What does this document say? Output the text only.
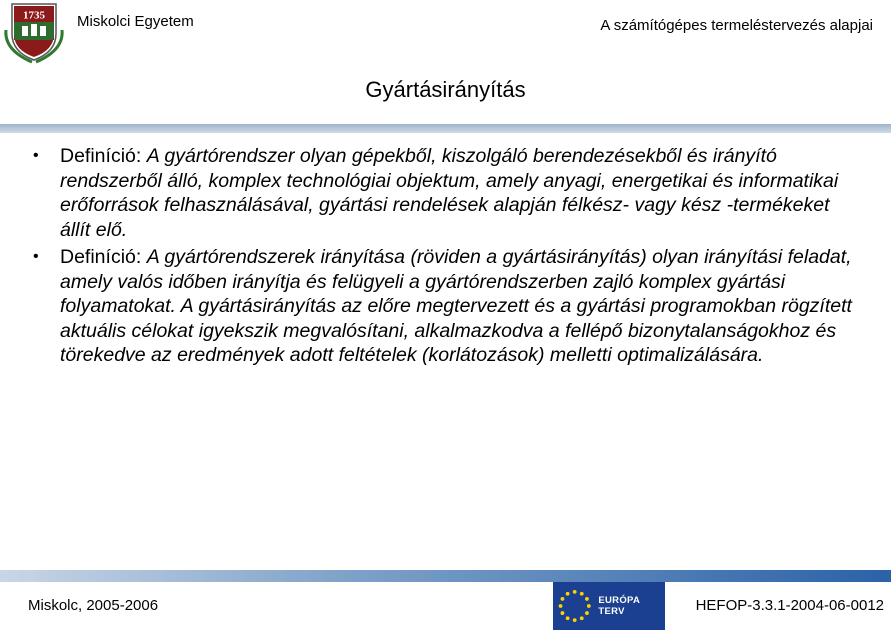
1735 Miskolci Egyetem	A számítógépes termeléstervezés alapjai
Gyártásirányítás
• Definíció: A gyártórendszer olyan gépekből, kiszolgáló berendezésekből és irányító rendszerből álló, komplex technológiai objektum, amely anyagi, energetikai és informatikai erőforrások felhasználásával, gyártási rendelések alapján félkész- vagy kész -termékeket állít elő.
• Definíció: A gyártórendszerek irányítása (röviden a gyártásirányítás) olyan irányítási feladat, amely valós időben irányítja és felügyeli a gyártórendszerben zajló komplex gyártási folyamatokat. A gyártásirányítás az előre megtervezett és a gyártási programokban rögzített aktuális célokat igyekszik megvalósítani, alkalmazkodva a fellépő bizonytalanságokhoz és törekedve az eredmények adott feltételek (korlátozások) melletti optimalizálására.
Miskolc, 2005-2006	EURÓPA TERV	HEFOP-3.3.1-2004-06-0012
